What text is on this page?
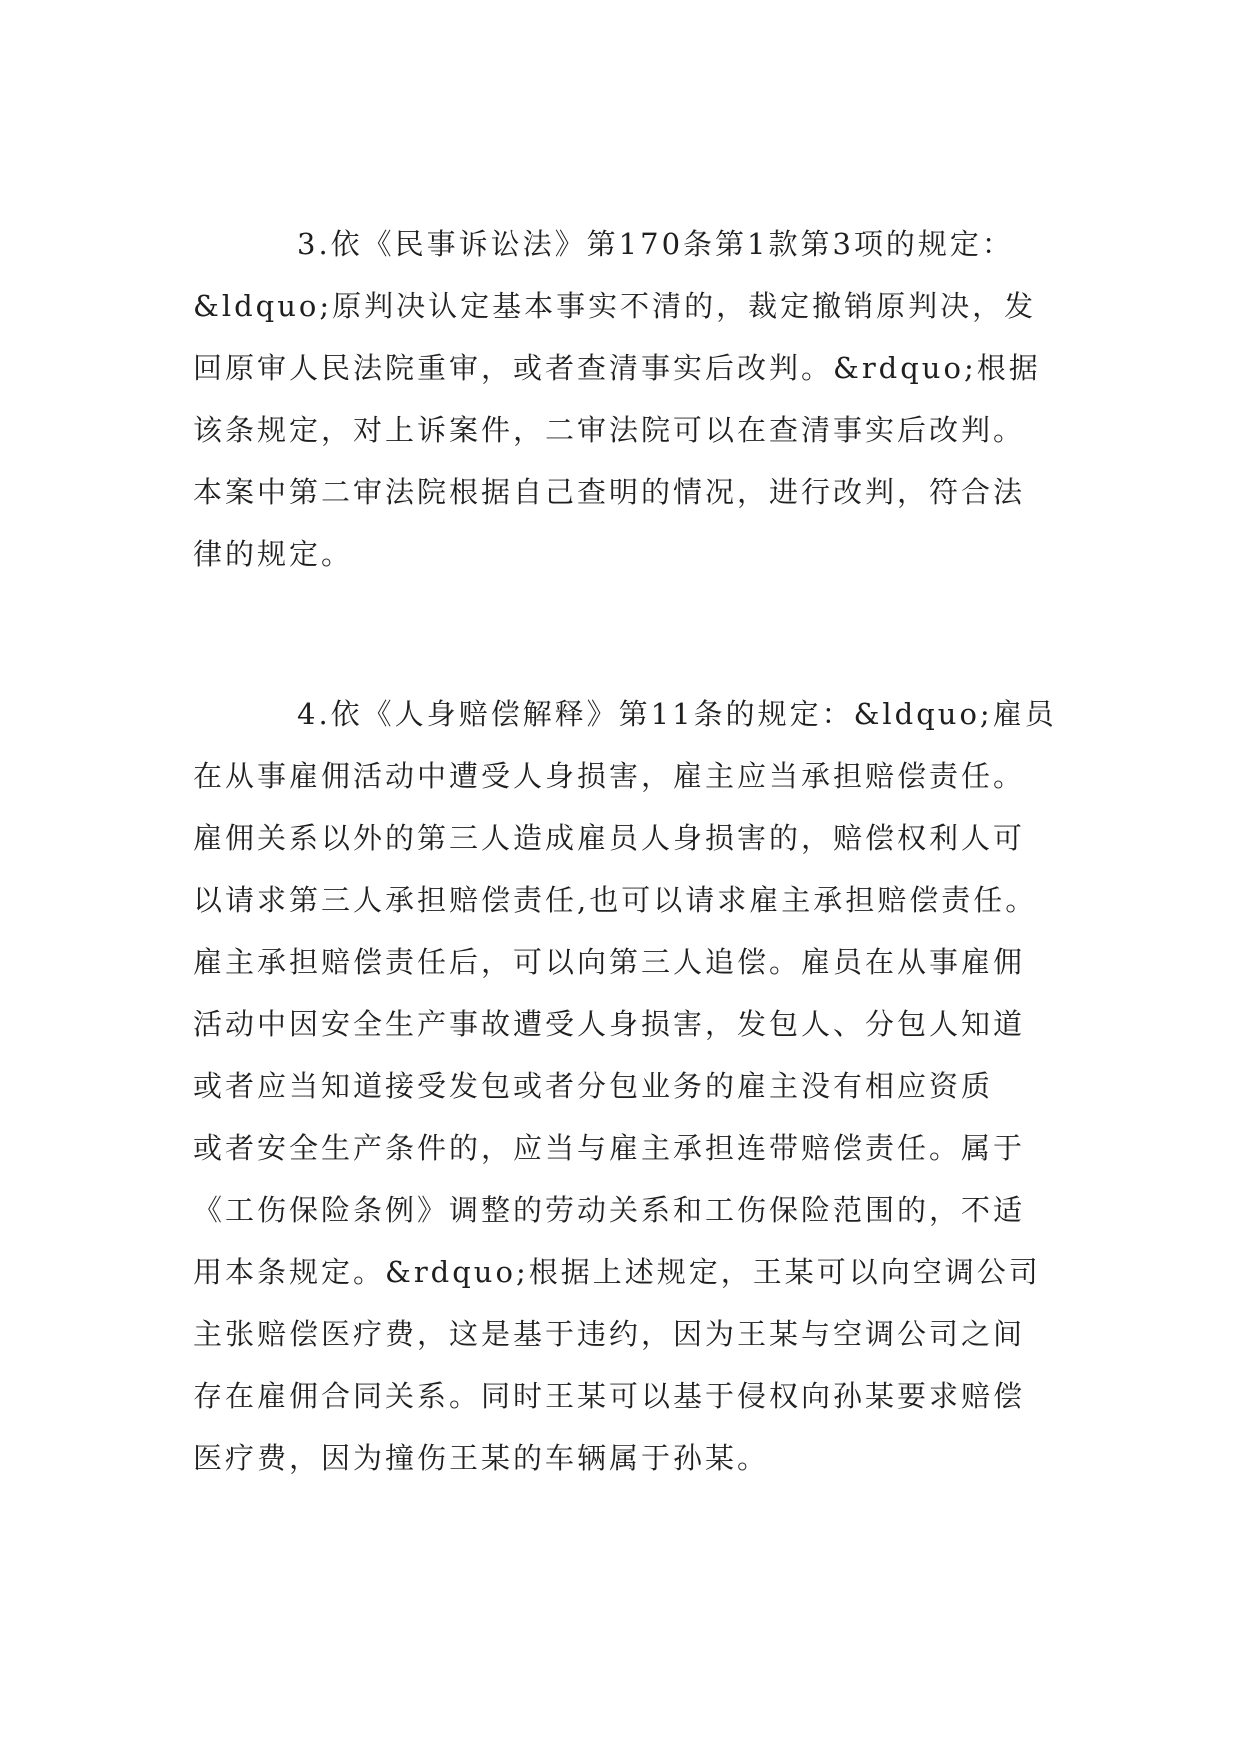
3.依《民事诉讼法》第170条第1款第3项的规定：
&ldquo;原判决认定基本事实不清的，裁定撤销原判决，发
回原审人民法院重审，或者查清事实后改判。&rdquo;根据
该条规定，对上诉案件，二审法院可以在查清事实后改判。
本案中第二审法院根据自己查明的情况，进行改判，符合法
律的规定。

4.依《人身赔偿解释》第11条的规定：&ldquo;雇员
在从事雇佣活动中遭受人身损害，雇主应当承担赔偿责任。
雇佣关系以外的第三人造成雇员人身损害的，赔偿权利人可
以请求第三人承担赔偿责任,也可以请求雇主承担赔偿责任。
雇主承担赔偿责任后，可以向第三人追偿。雇员在从事雇佣
活动中因安全生产事故遭受人身损害，发包人、分包人知道
或者应当知道接受发包或者分包业务的雇主没有相应资质
或者安全生产条件的，应当与雇主承担连带赔偿责任。属于
《工伤保险条例》调整的劳动关系和工伤保险范围的，不适
用本条规定。&rdquo;根据上述规定，王某可以向空调公司
主张赔偿医疗费，这是基于违约，因为王某与空调公司之间
存在雇佣合同关系。同时王某可以基于侵权向孙某要求赔偿
医疗费，因为撞伤王某的车辆属于孙某。
